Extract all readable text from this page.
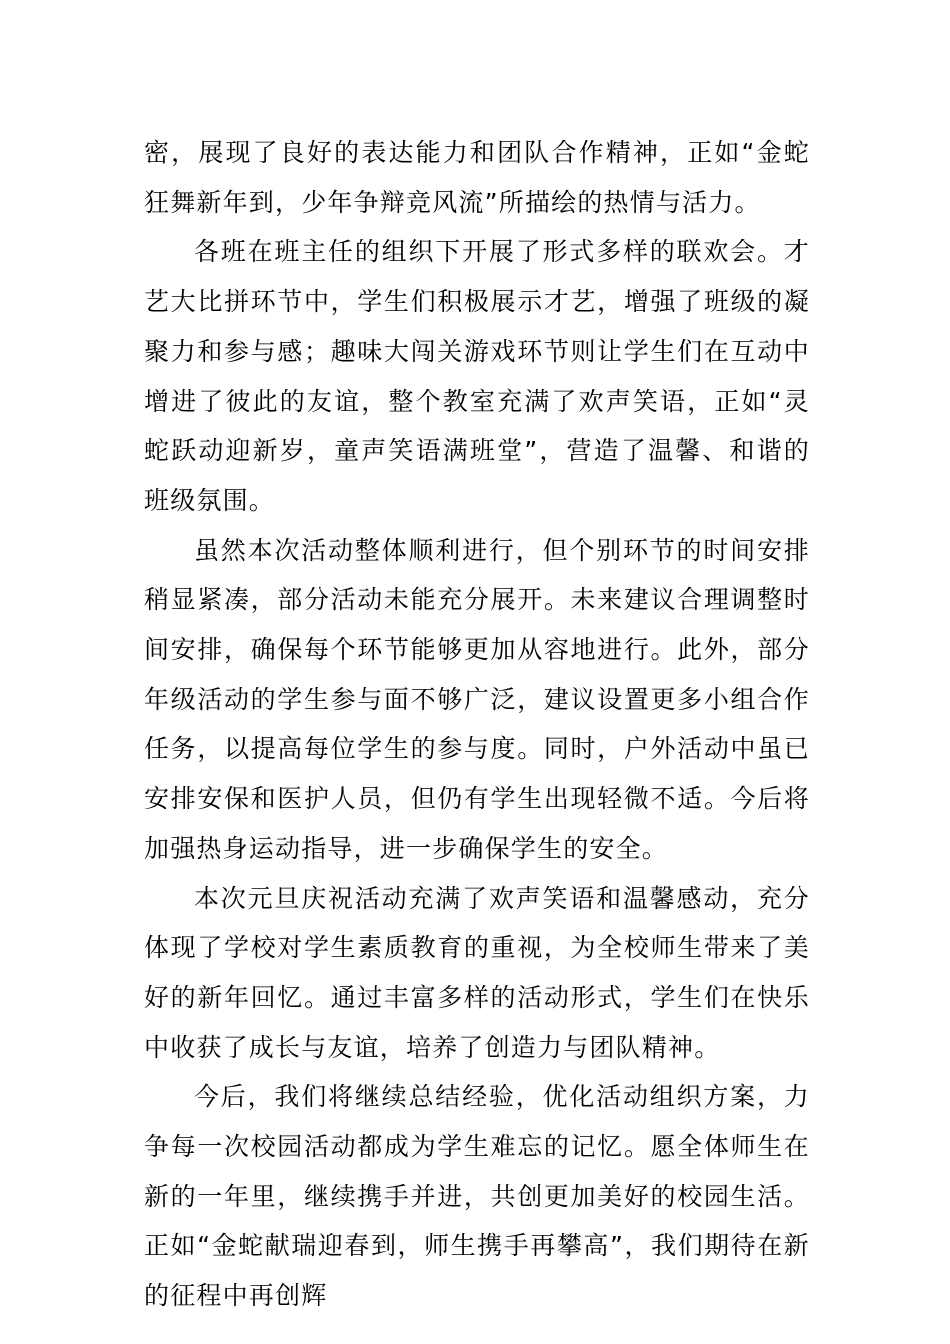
密，展现了良好的表达能力和团队合作精神，正如“金蛇狂舞新年到，少年争辩竞风流”所描绘的热情与活力。

各班在班主任的组织下开展了形式多样的联欢会。才艺大比拼环节中，学生们积极展示才艺，增强了班级的凝聚力和参与感；趣味大闯关游戏环节则让学生们在互动中增进了彼此的友谊，整个教室充满了欢声笑语，正如“灵蛇跃动迎新岁，童声笑语满班堂”，营造了温馨、和谐的班级氛围。

虽然本次活动整体顺利进行，但个别环节的时间安排稍显紧凑，部分活动未能充分展开。未来建议合理调整时间安排，确保每个环节能够更加从容地进行。此外，部分年级活动的学生参与面不够广泛，建议设置更多小组合作任务，以提高每位学生的参与度。同时，户外活动中虽已安排安保和医护人员，但仍有学生出现轻微不适。今后将加强热身运动指导，进一步确保学生的安全。

本次元旦庆祝活动充满了欢声笑语和温馨感动，充分体现了学校对学生素质教育的重视，为全校师生带来了美好的新年回忆。通过丰富多样的活动形式，学生们在快乐中收获了成长与友谊，培养了创造力与团队精神。

今后，我们将继续总结经验，优化活动组织方案，力争每一次校园活动都成为学生难忘的记忆。愿全体师生在新的一年里，继续携手并进，共创更加美好的校园生活。正如“金蛇献瑞迎春到，师生携手再攀高”，我们期待在新的征程中再创辉
